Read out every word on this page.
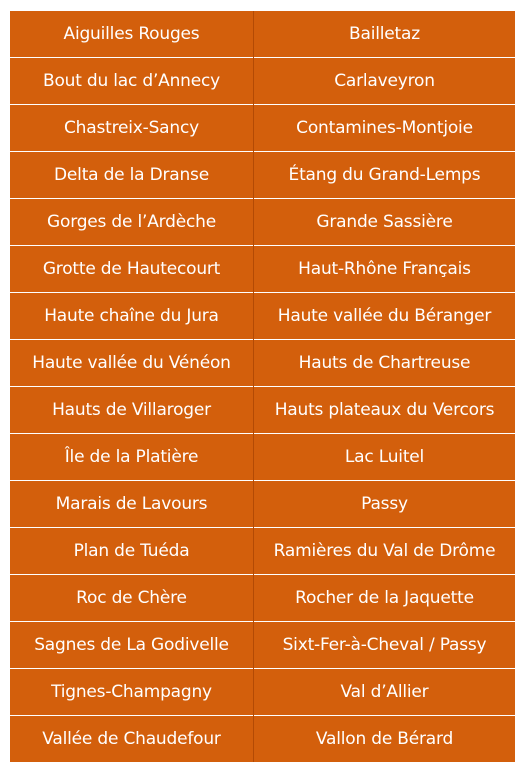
Aiguilles Rouges	Bailletaz
Bout du lac d’Annecy	Carlaveyron
Chastreix-Sancy	Contamines-Montjoie
Delta de la Dranse	Étang du Grand-Lemps
Gorges de l’Ardèche	Grande Sassière
Grotte de Hautecourt	Haut-Rhône Français
Haute chaîne du Jura	Haute vallée du Béranger
Haute vallée du Vénéon	Hauts de Chartreuse
Hauts de Villaroger	Hauts plateaux du Vercors
Île de la Platière	Lac Luitel
Marais de Lavours	Passy
Plan de Tuéda	Ramières du Val de Drôme
Roc de Chère	Rocher de la Jaquette
Sagnes de La Godivelle	Sixt-Fer-à-Cheval / Passy
Tignes-Champagny	Val d’Allier
Vallée de Chaudefour	Vallon de Bérard
